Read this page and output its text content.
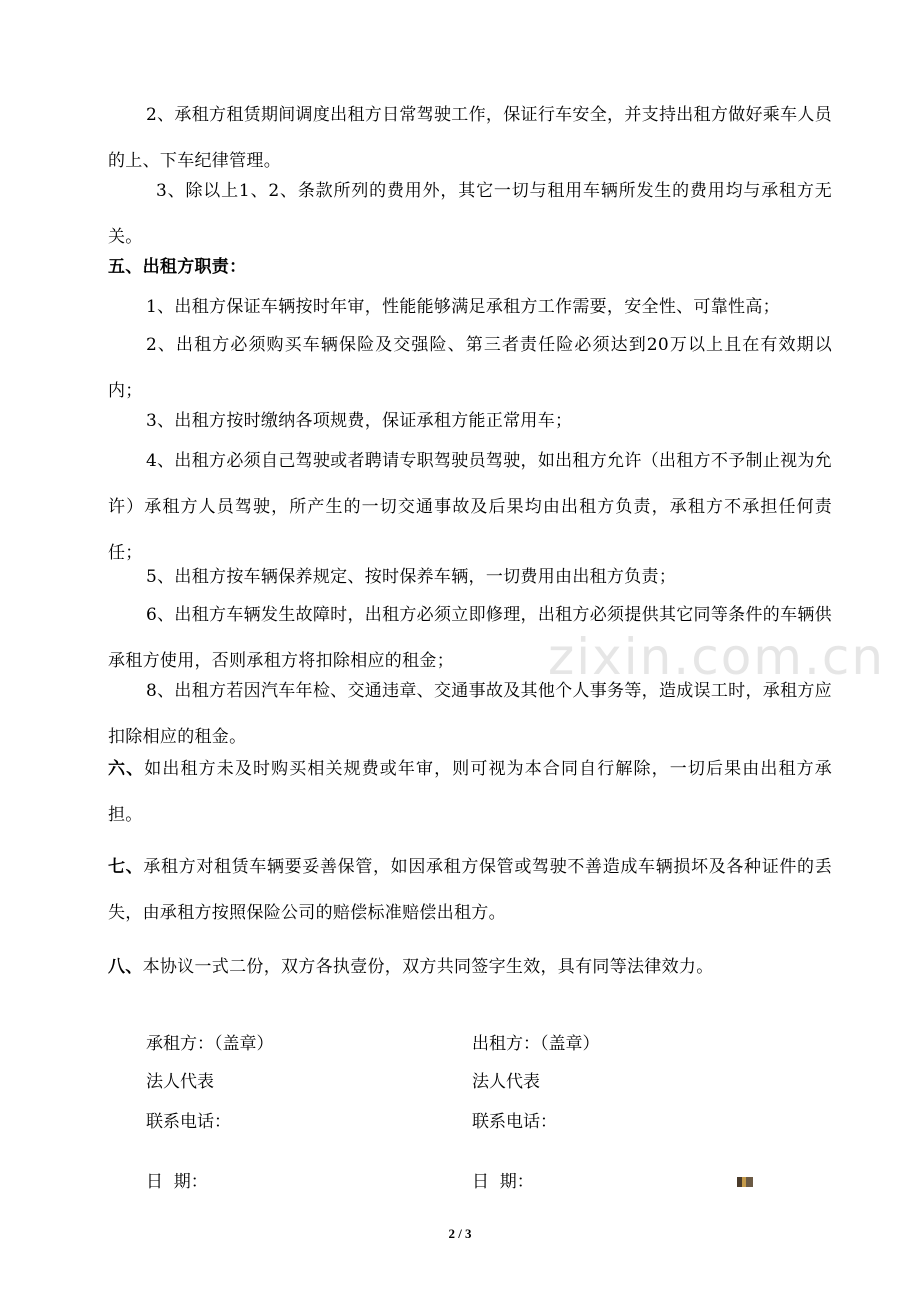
2、承租方租赁期间调度出租方日常驾驶工作，保证行车安全，并支持出租方做好乘车人员的上、下车纪律管理。

3、除以上1、2、条款所列的费用外，其它一切与租用车辆所发生的费用均与承租方无关。

五、出租方职责：

1、出租方保证车辆按时年审，性能能够满足承租方工作需要，安全性、可靠性高；

2、出租方必须购买车辆保险及交强险、第三者责任险必须达到20万以上且在有效期以内；

3、出租方按时缴纳各项规费，保证承租方能正常用车；

4、出租方必须自己驾驶或者聘请专职驾驶员驾驶，如出租方允许（出租方不予制止视为允许）承租方人员驾驶，所产生的一切交通事故及后果均由出租方负责，承租方不承担任何责任；

5、出租方按车辆保养规定、按时保养车辆，一切费用由出租方负责；

6、出租方车辆发生故障时，出租方必须立即修理，出租方必须提供其它同等条件的车辆供承租方使用，否则承租方将扣除相应的租金；

8、出租方若因汽车年检、交通违章、交通事故及其他个人事务等，造成误工时，承租方应扣除相应的租金。

六、如出租方未及时购买相关规费或年审，则可视为本合同自行解除，一切后果由出租方承担。

七、承租方对租赁车辆要妥善保管，如因承租方保管或驾驶不善造成车辆损坏及各种证件的丢失，由承租方按照保险公司的赔偿标准赔偿出租方。

八、本协议一式二份，双方各执壹份，双方共同签字生效，具有同等法律效力。

承租方：（盖章）
法人代表
联系电话：
日  期：
出租方：（盖章）
法人代表
联系电话：
日  期：
zixin.com.cn
2 / 3
